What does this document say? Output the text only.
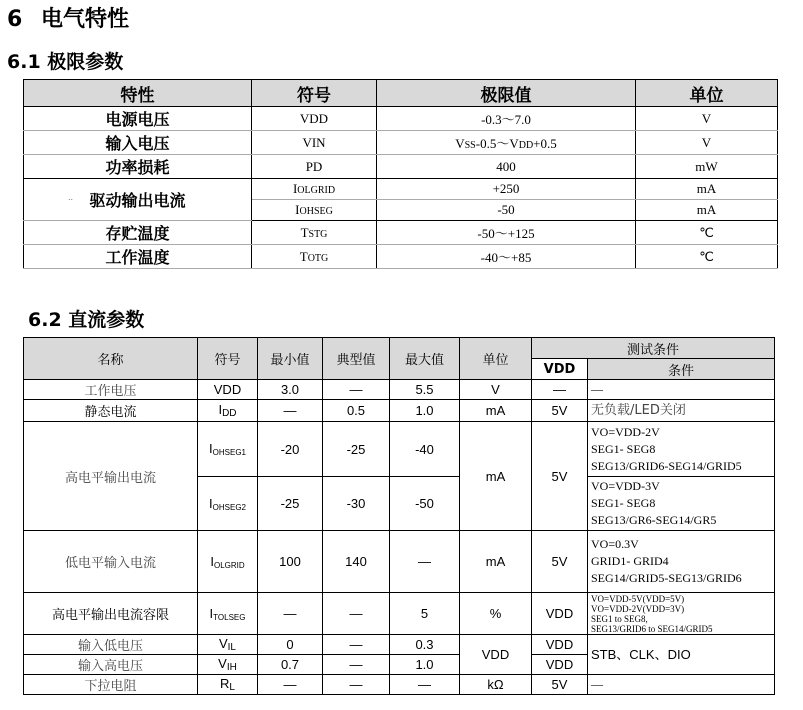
6 电气特性
6.1 极限参数
特性	符号	极限值	单位
电源电压	VDD	-0.3～7.0	V
输入电压	VIN	VSS-0.5～VDD+0.5	V
功率损耗	PD	400	mW

.. 驱动输出电流	IOLGRID	+250	mA
	IOHSEG	-50	mA
存贮温度	TSTG	-50～+125	℃
工作温度	TOTG	-40～+85	℃
6.2 直流参数
名称	符号	最小值	典型值	最大值	单位	测试条件	
						VDD	条件
工作电压	VDD	3.0	—	5.5	V	—	—
静态电流	IDD	—	0.5	1.0	mA	5V	无负载/LED关闭
高电平输出电流	$I_{OHSEG1}$	-20	-25	-40	mA	5V	VO=VDD-2V
SEG1- SEG8
SEG13/GRID6-SEG14/GRID5

	$I_{OHSEG2}$	-25	-30	-50			VO=VDD-3V
SEG1- SEG8
SEG13/GR6-SEG14/GR5

低电平输入电流	$I_{OLGRID}$	100	140	—	mA	5V	VO=0.3V
GRID1- GRID4
SEG14/GRID5-SEG13/GRID6

高电平输出电流容限	$I_{TOLSEG}$	—	—	5	%	VDD	VO=VDD-5V(VDD=5V)
VO=VDD-2V(VDD=3V)
SEG1 to SEG8,
SEG13/GRID6 to SEG14/GRID5

输入低电压	VIL	0	—	0.3	VDD	VDD	STB、CLK、DIO
输入高电压	VIH	0.7	—	1.0		VDD	
下拉电阻	RL	—	—	—	kΩ	5V	—
